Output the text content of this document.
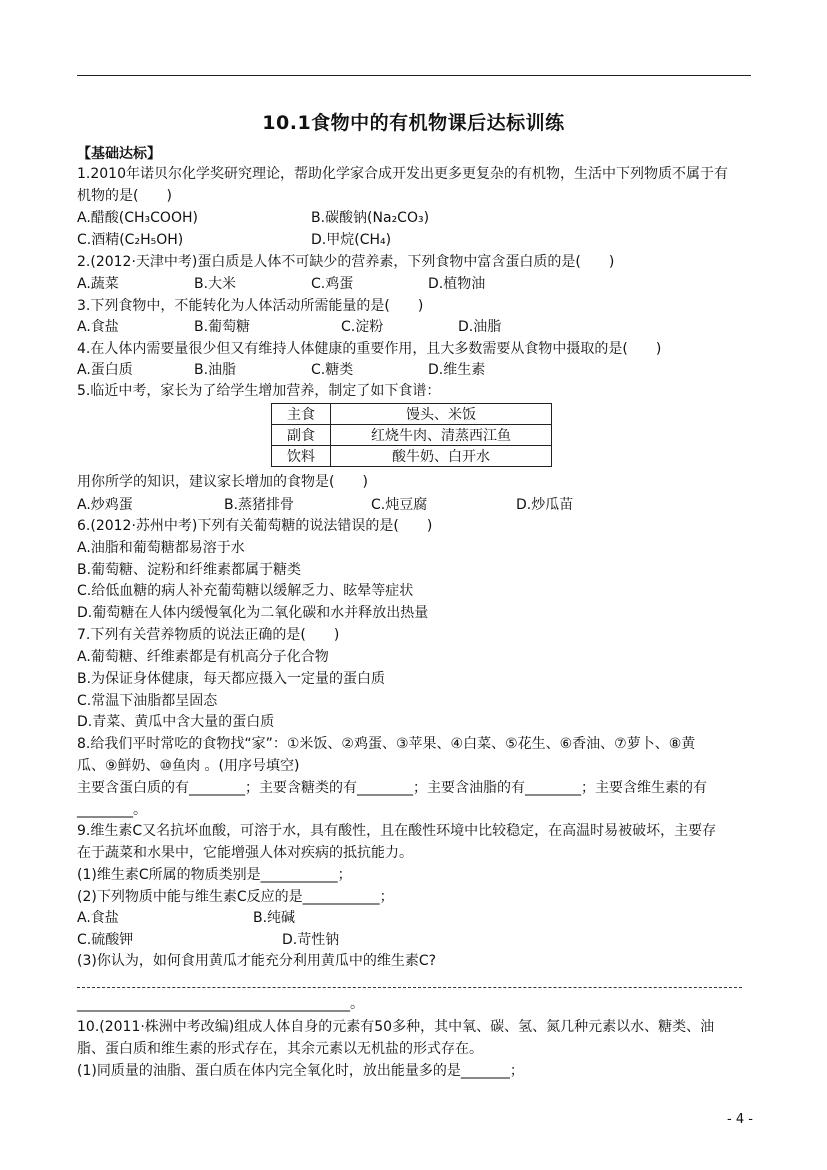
10.1食物中的有机物课后达标训练
【基础达标】
1.2010年诺贝尔化学奖研究理论，帮助化学家合成开发出更多更复杂的有机物，生活中下列物质不属于有
机物的是(　　)
A.醋酸(CH₃COOH)	B.碳酸钠(Na₂CO₃)
C.酒精(C₂H₅OH)	D.甲烷(CH₄)
2.(2012·天津中考)蛋白质是人体不可缺少的营养素，下列食物中富含蛋白质的是(　　)
A.蔬菜	B.大米	C.鸡蛋	D.植物油
3.下列食物中，不能转化为人体活动所需能量的是(　　)
A.食盐	B.葡萄糖	C.淀粉	D.油脂
4.在人体内需要量很少但又有维持人体健康的重要作用，且大多数需要从食物中摄取的是(　　)
A.蛋白质	B.油脂	C.糖类	D.维生素
5.临近中考，家长为了给学生增加营养，制定了如下食谱：
主食	馒头、米饭
副食	红烧牛肉、清蒸西江鱼
饮料	酸牛奶、白开水
用你所学的知识，建议家长增加的食物是(　　)
A.炒鸡蛋	B.蒸猪排骨	C.炖豆腐	D.炒瓜苗
6.(2012·苏州中考)下列有关葡萄糖的说法错误的是(　　)
A.油脂和葡萄糖都易溶于水
B.葡萄糖、淀粉和纤维素都属于糖类
C.给低血糖的病人补充葡萄糖以缓解乏力、眩晕等症状
D.葡萄糖在人体内缓慢氧化为二氧化碳和水并释放出热量
7.下列有关营养物质的说法正确的是(　　)
A.葡萄糖、纤维素都是有机高分子化合物
B.为保证身体健康，每天都应摄入一定量的蛋白质
C.常温下油脂都呈固态
D.青菜、黄瓜中含大量的蛋白质
8.给我们平时常吃的食物找“家”：①米饭、②鸡蛋、③苹果、④白菜、⑤花生、⑥香油、⑦萝卜、⑧黄
瓜、⑨鲜奶、⑩鱼肉 。(用序号填空)
主要含蛋白质的有________；主要含糖类的有________；主要含油脂的有________；主要含维生素的有
________。
9.维生素C又名抗坏血酸，可溶于水，具有酸性，且在酸性环境中比较稳定，在高温时易被破坏，主要存
在于蔬菜和水果中，它能增强人体对疾病的抵抗能力。
(1)维生素C所属的物质类别是___________；
(2)下列物质中能与维生素C反应的是___________；
A.食盐	B.纯碱
C.硫酸钾	D.苛性钠
(3)你认为，如何食用黄瓜才能充分利用黄瓜中的维生素C?
_______________________________________。
10.(2011·株洲中考改编)组成人体自身的元素有50多种，其中氧、碳、氢、氮几种元素以水、糖类、油
脂、蛋白质和维生素的形式存在，其余元素以无机盐的形式存在。
(1)同质量的油脂、蛋白质在体内完全氧化时，放出能量多的是_______；
- 4 -
